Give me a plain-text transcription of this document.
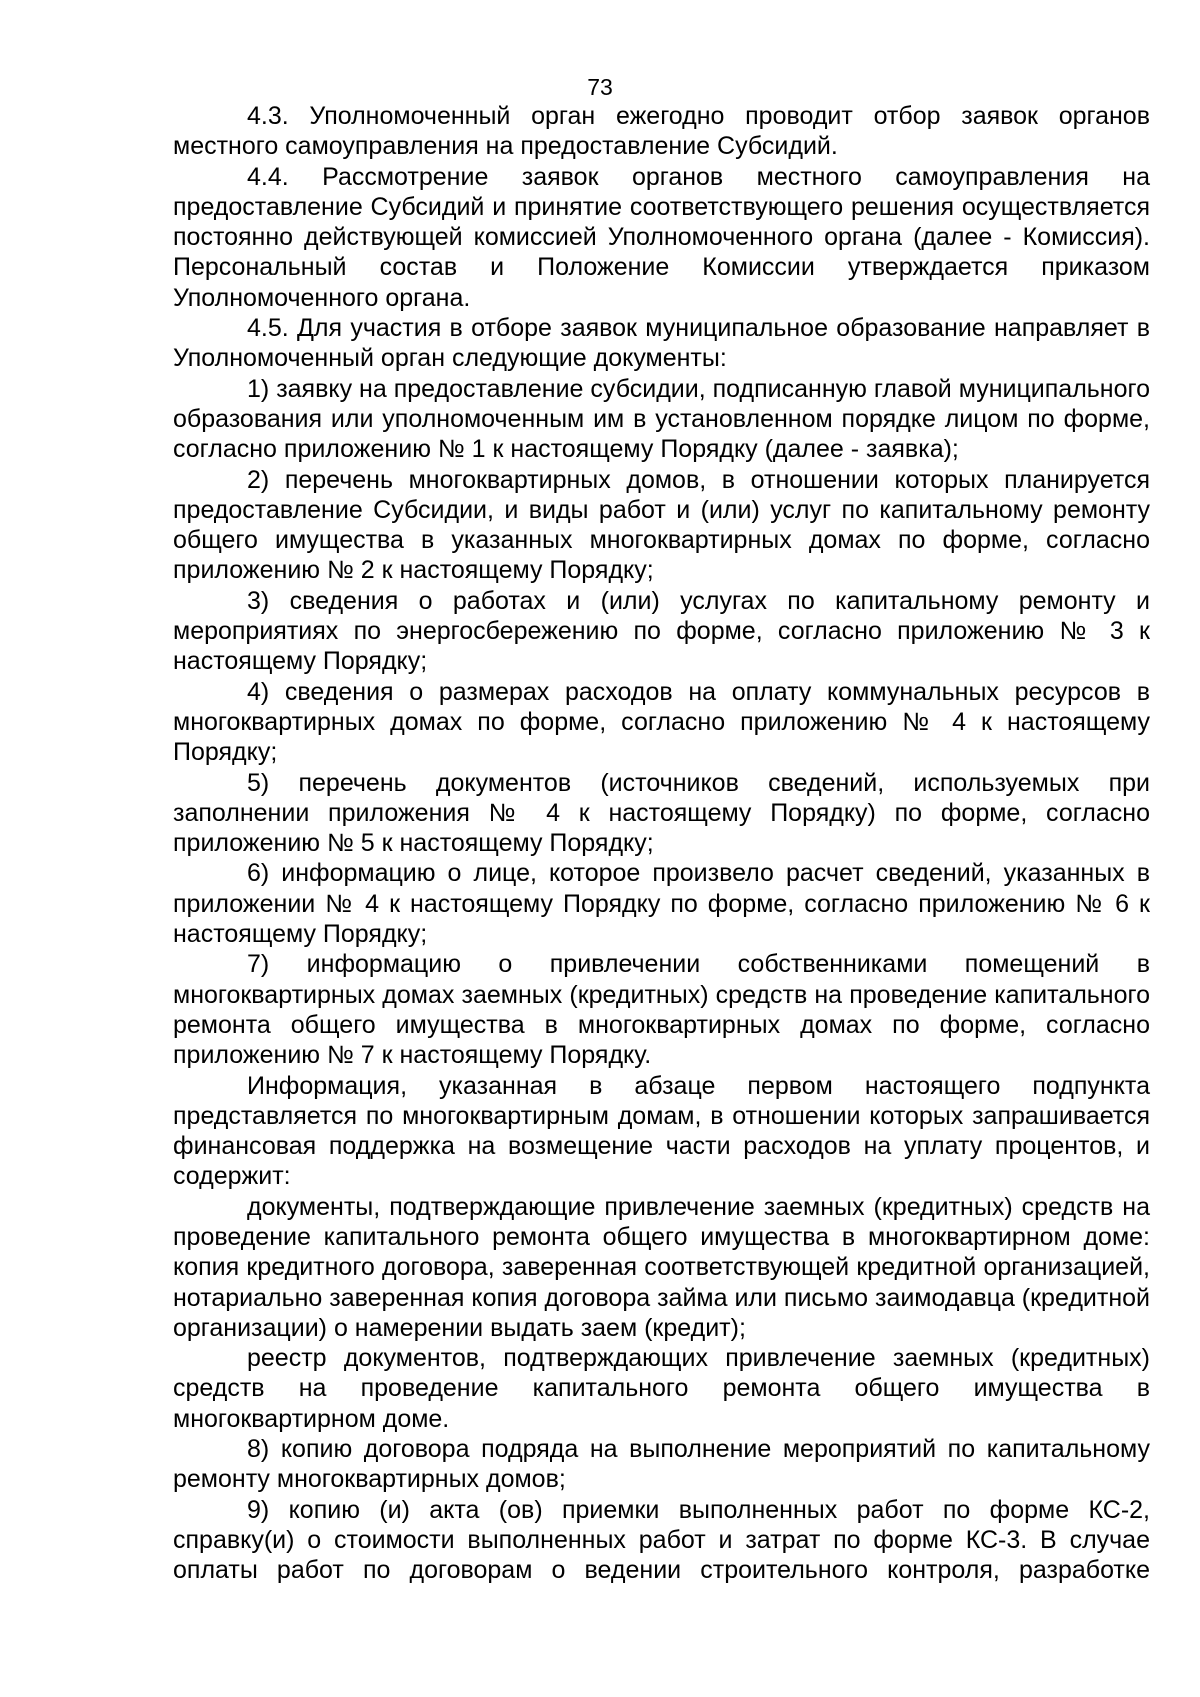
73

4.3. Уполномоченный орган ежегодно проводит отбор заявок органов местного самоуправления на предоставление Субсидий.

4.4. Рассмотрение заявок органов местного самоуправления на предоставление Субсидий и принятие соответствующего решения осуществляется постоянно действующей комиссией Уполномоченного органа (далее - Комиссия). Персональный состав и Положение Комиссии утверждается приказом Уполномоченного органа.

4.5. Для участия в отборе заявок муниципальное образование направляет в Уполномоченный орган следующие документы:

1) заявку на предоставление субсидии, подписанную главой муниципального образования или уполномоченным им в установленном порядке лицом по форме, согласно приложению № 1 к настоящему Порядку (далее - заявка);

2) перечень многоквартирных домов, в отношении которых планируется предоставление Субсидии, и виды работ и (или) услуг по капитальному ремонту общего имущества в указанных многоквартирных домах по форме, согласно приложению № 2 к настоящему Порядку;

3) сведения о работах и (или) услугах по капитальному ремонту и мероприятиях по энергосбережению по форме, согласно приложению № 3 к настоящему Порядку;

4) сведения о размерах расходов на оплату коммунальных ресурсов в многоквартирных домах по форме, согласно приложению № 4 к настоящему Порядку;

5) перечень документов (источников сведений, используемых при заполнении приложения № 4 к настоящему Порядку) по форме, согласно приложению № 5 к настоящему Порядку;

6) информацию о лице, которое произвело расчет сведений, указанных в приложении № 4 к настоящему Порядку по форме, согласно приложению № 6 к настоящему Порядку;

7) информацию о привлечении собственниками помещений в многоквартирных домах заемных (кредитных) средств на проведение капитального ремонта общего имущества в многоквартирных домах по форме, согласно приложению № 7 к настоящему Порядку.

Информация, указанная в абзаце первом настоящего подпункта представляется по многоквартирным домам, в отношении которых запрашивается финансовая поддержка на возмещение части расходов на уплату процентов, и содержит:

документы, подтверждающие привлечение заемных (кредитных) средств на проведение капитального ремонта общего имущества в многоквартирном доме: копия кредитного договора, заверенная соответствующей кредитной организацией, нотариально заверенная копия договора займа или письмо заимодавца (кредитной организации) о намерении выдать заем (кредит);

реестр документов, подтверждающих привлечение заемных (кредитных) средств на проведение капитального ремонта общего имущества в многоквартирном доме.

8) копию договора подряда на выполнение мероприятий по капитальному ремонту многоквартирных домов;

9) копию (и) акта (ов) приемки выполненных работ по форме КС-2, справку(и) о стоимости выполненных работ и затрат по форме КС-3. В случае оплаты работ по договорам о ведении строительного контроля, разработке
